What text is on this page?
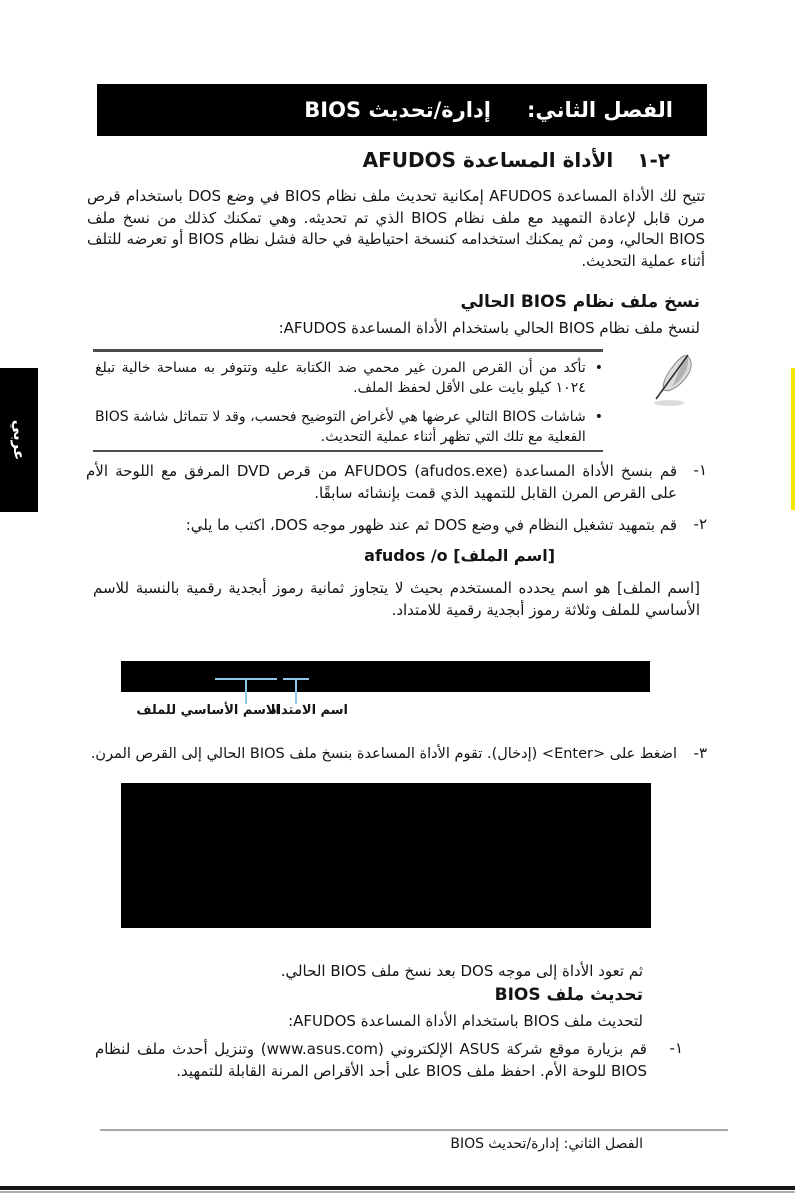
الفصل الثاني:
إدارة/تحديث BIOS
٢-١
الأداة المساعدة AFUDOS

تتيح لك الأداة المساعدة AFUDOS إمكانية تحديث ملف نظام BIOS في وضع DOS باستخدام قرص مرن قابل لإعادة التمهيد مع ملف نظام BIOS الذي تم تحديثه. وهي تمكنك كذلك من نسخ ملف BIOS الحالي، ومن ثم يمكنك استخدامه كنسخة احتياطية في حالة فشل نظام BIOS أو تعرضه للتلف أثناء عملية التحديث.

نسخ ملف نظام BIOS الحالي

لنسخ ملف نظام BIOS الحالي باستخدام الأداة المساعدة AFUDOS:

•
تأكد من أن القرص المرن غير محمي ضد الكتابة عليه وتتوفر به مساحة خالية تبلغ ١٠٢٤ كيلو بايت على الأقل لحفظ الملف.
•
شاشات BIOS التالي عرضها هي لأغراض التوضيح فحسب، وقد لا تتماثل شاشة BIOS الفعلية مع تلك التي تظهر أثناء عملية التحديث.
١-
قم بنسخ الأداة المساعدة AFUDOS (afudos.exe) من قرص DVD المرفق مع اللوحة الأم على القرص المرن القابل للتمهيد الذي قمت بإنشائه سابقًا.
٢-
قم بتمهيد تشغيل النظام في وضع DOS ثم عند ظهور موجه DOS، اكتب ما يلي:
afudos /o [اسم الملف]

[اسم الملف] هو اسم يحدده المستخدم بحيث لا يتجاوز ثمانية رموز أبجدية رقمية بالنسبة للاسم الأساسي للملف وثلاثة رموز أبجدية رقمية للامتداد.

الاسم الأساسي للملف
اسم الامتداد
٣-
اضغط على <Enter> (إدخال). تقوم الأداة المساعدة بنسخ ملف BIOS الحالي إلى القرص المرن.

ثم تعود الأداة إلى موجه DOS بعد نسخ ملف BIOS الحالي.

تحديث ملف BIOS

لتحديث ملف BIOS باستخدام الأداة المساعدة AFUDOS:

١-
قم بزيارة موقع شركة ASUS الإلكتروني (www.asus.com) وتنزيل أحدث ملف لنظام BIOS للوحة الأم. احفظ ملف BIOS على أحد الأقراص المرنة القابلة للتمهيد.

الفصل الثاني: إدارة/تحديث BIOS

عربي
